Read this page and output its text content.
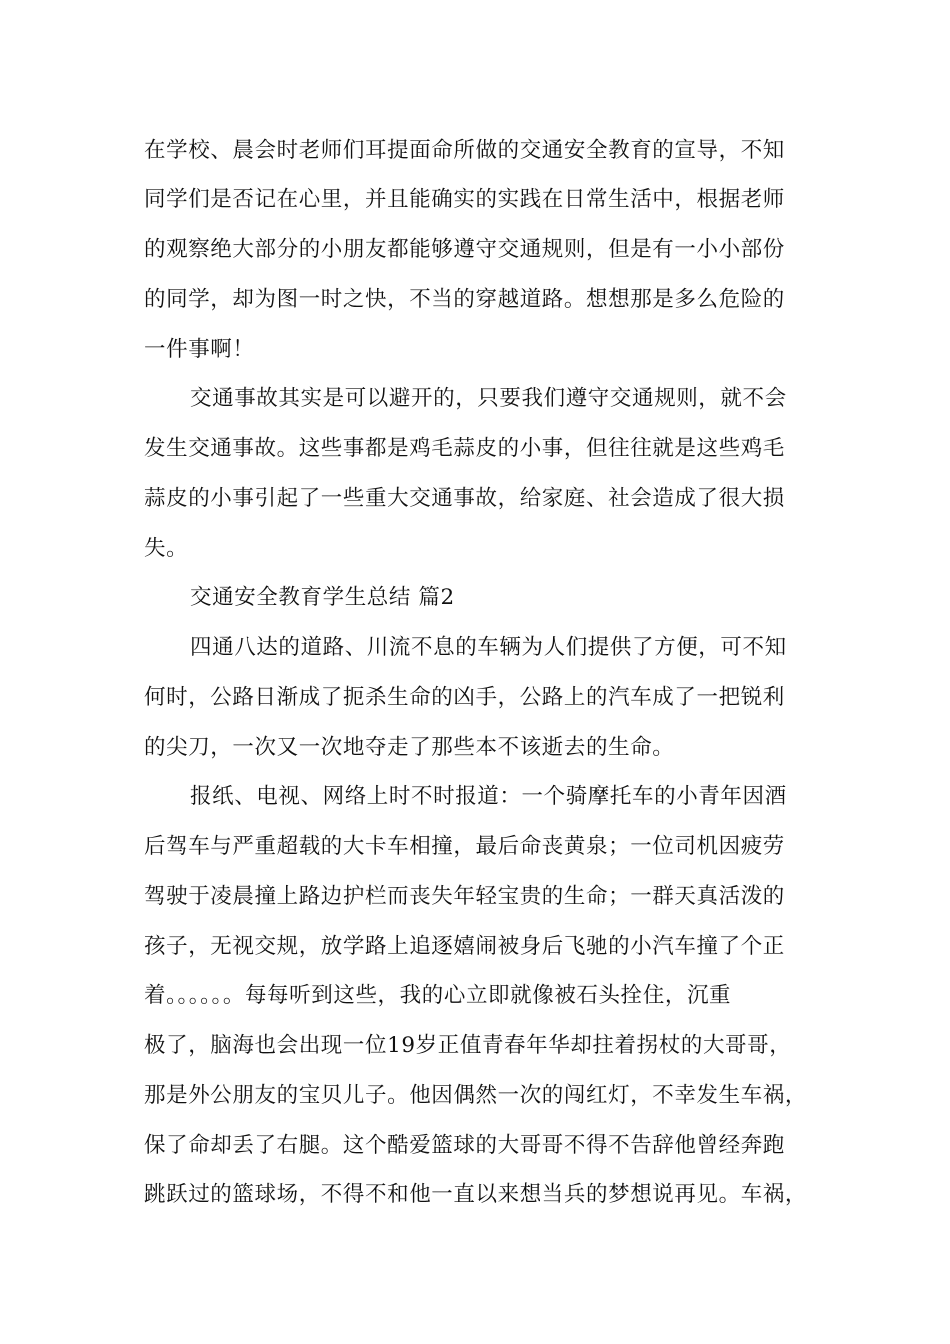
在学校、晨会时老师们耳提面命所做的交通安全教育的宣导，不知
同学们是否记在心里，并且能确实的实践在日常生活中，根据老师
的观察绝大部分的小朋友都能够遵守交通规则，但是有一小小部份
的同学，却为图一时之快，不当的穿越道路。想想那是多么危险的
一件事啊！
交通事故其实是可以避开的，只要我们遵守交通规则，就不会
发生交通事故。这些事都是鸡毛蒜皮的小事，但往往就是这些鸡毛
蒜皮的小事引起了一些重大交通事故，给家庭、社会造成了很大损
失。
交通安全教育学生总结 篇2
四通八达的道路、川流不息的车辆为人们提供了方便，可不知
何时，公路日渐成了扼杀生命的凶手，公路上的汽车成了一把锐利
的尖刀，一次又一次地夺走了那些本不该逝去的生命。
报纸、电视、网络上时不时报道：一个骑摩托车的小青年因酒
后驾车与严重超载的大卡车相撞，最后命丧黄泉；一位司机因疲劳
驾驶于凌晨撞上路边护栏而丧失年轻宝贵的生命；一群天真活泼的
孩子，无视交规，放学路上追逐嬉闹被身后飞驰的小汽车撞了个正
着。。。。。。每每听到这些，我的心立即就像被石头拴住，沉重
极了，脑海也会出现一位19岁正值青春年华却拄着拐杖的大哥哥，
那是外公朋友的宝贝儿子。他因偶然一次的闯红灯，不幸发生车祸，
保了命却丢了右腿。这个酷爱篮球的大哥哥不得不告辞他曾经奔跑
跳跃过的篮球场，不得不和他一直以来想当兵的梦想说再见。车祸，
